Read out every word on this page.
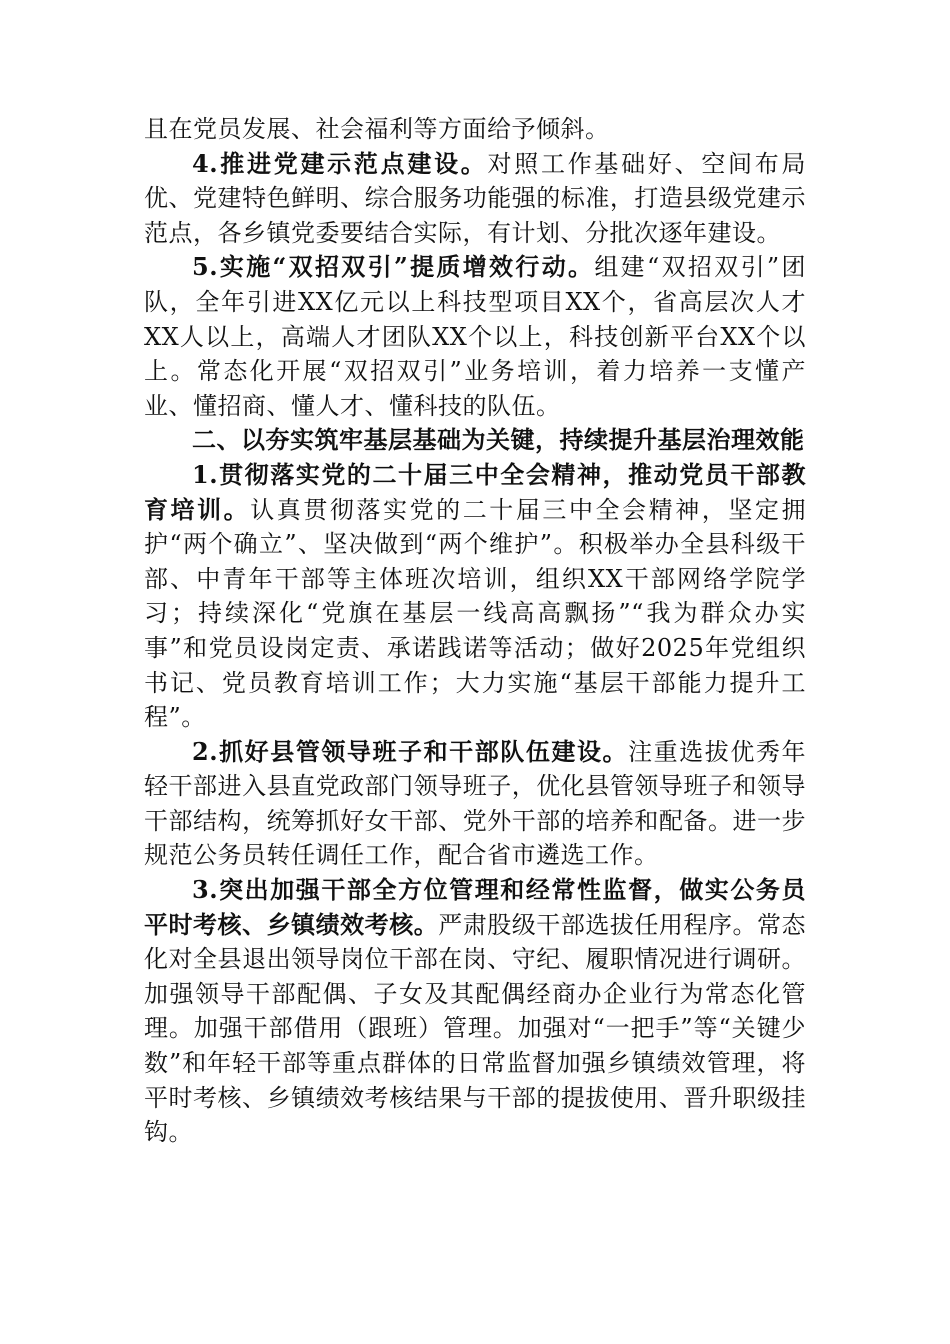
且在党员发展、社会福利等方面给予倾斜。

4.推进党建示范点建设。对照工作基础好、空间布局优、党建特色鲜明、综合服务功能强的标准，打造县级党建示范点，各乡镇党委要结合实际，有计划、分批次逐年建设。

5.实施“双招双引”提质增效行动。组建“双招双引”团队，全年引进XX亿元以上科技型项目XX个，省高层次人才XX人以上，高端人才团队XX个以上，科技创新平台XX个以上。常态化开展“双招双引”业务培训，着力培养一支懂产业、懂招商、懂人才、懂科技的队伍。

二、以夯实筑牢基层基础为关键，持续提升基层治理效能

1.贯彻落实党的二十届三中全会精神，推动党员干部教育培训。认真贯彻落实党的二十届三中全会精神，坚定拥护“两个确立”、坚决做到“两个维护”。积极举办全县科级干部、中青年干部等主体班次培训，组织XX干部网络学院学习；持续深化“党旗在基层一线高高飘扬”“我为群众办实事”和党员设岗定责、承诺践诺等活动；做好2025年党组织书记、党员教育培训工作；大力实施“基层干部能力提升工程”。

2.抓好县管领导班子和干部队伍建设。注重选拔优秀年轻干部进入县直党政部门领导班子，优化县管领导班子和领导干部结构，统筹抓好女干部、党外干部的培养和配备。进一步规范公务员转任调任工作，配合省市遴选工作。

3.突出加强干部全方位管理和经常性监督，做实公务员平时考核、乡镇绩效考核。严肃股级干部选拔任用程序。常态化对全县退出领导岗位干部在岗、守纪、履职情况进行调研。加强领导干部配偶、子女及其配偶经商办企业行为常态化管理。加强干部借用（跟班）管理。加强对“一把手”等“关键少数”和年轻干部等重点群体的日常监督加强乡镇绩效管理，将平时考核、乡镇绩效考核结果与干部的提拔使用、晋升职级挂钩。
